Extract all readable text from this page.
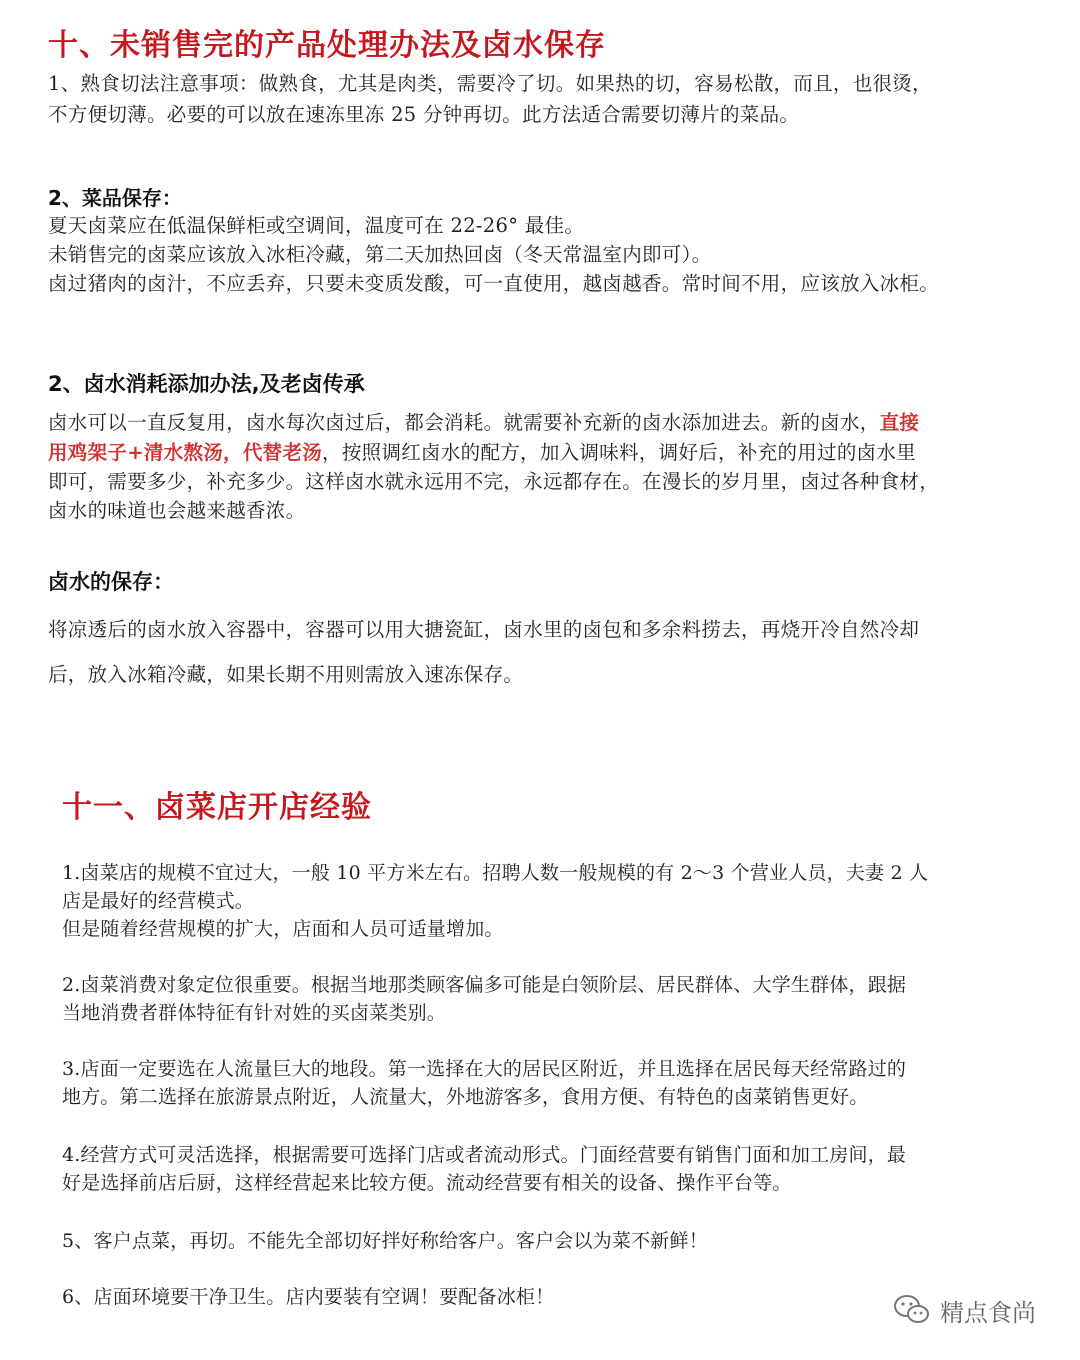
十、未销售完的产品处理办法及卤水保存
1、熟食切法注意事项：做熟食，尤其是肉类，需要冷了切。如果热的切，容易松散，而且，也很烫，
不方便切薄。必要的可以放在速冻里冻 25 分钟再切。此方法适合需要切薄片的菜品。
2、菜品保存：
夏天卤菜应在低温保鲜柜或空调间，温度可在 22-26° 最佳。
未销售完的卤菜应该放入冰柜冷藏，第二天加热回卤（冬天常温室内即可）。
卤过猪肉的卤汁，不应丢弃，只要未变质发酸，可一直使用，越卤越香。常时间不用，应该放入冰柜。
2、卤水消耗添加办法,及老卤传承
卤水可以一直反复用，卤水每次卤过后，都会消耗。就需要补充新的卤水添加进去。新的卤水，直接
用鸡架子+清水熬汤，代替老汤，按照调红卤水的配方，加入调味料，调好后，补充的用过的卤水里
即可，需要多少，补充多少。这样卤水就永远用不完，永远都存在。在漫长的岁月里，卤过各种食材，
卤水的味道也会越来越香浓。
卤水的保存：
将凉透后的卤水放入容器中，容器可以用大搪瓷缸，卤水里的卤包和多余料捞去，再烧开冷自然冷却
后，放入冰箱冷藏，如果长期不用则需放入速冻保存。
十一、卤菜店开店经验
1.卤菜店的规模不宜过大，一般 10 平方米左右。招聘人数一般规模的有 2～3 个营业人员，夫妻 2 人
店是最好的经营模式。
但是随着经营规模的扩大，店面和人员可适量增加。
2.卤菜消费对象定位很重要。根据当地那类顾客偏多可能是白领阶层、居民群体、大学生群体，跟据
当地消费者群体特征有针对姓的买卤菜类别。
3.店面一定要选在人流量巨大的地段。第一选择在大的居民区附近，并且选择在居民每天经常路过的
地方。第二选择在旅游景点附近，人流量大，外地游客多，食用方便、有特色的卤菜销售更好。
4.经营方式可灵活选择，根据需要可选择门店或者流动形式。门面经营要有销售门面和加工房间，最
好是选择前店后厨，这样经营起来比较方便。流动经营要有相关的设备、操作平台等。
5、客户点菜，再切。不能先全部切好拌好称给客户。客户会以为菜不新鲜！
6、店面环境要干净卫生。店内要装有空调！要配备冰柜！
精点食尚
